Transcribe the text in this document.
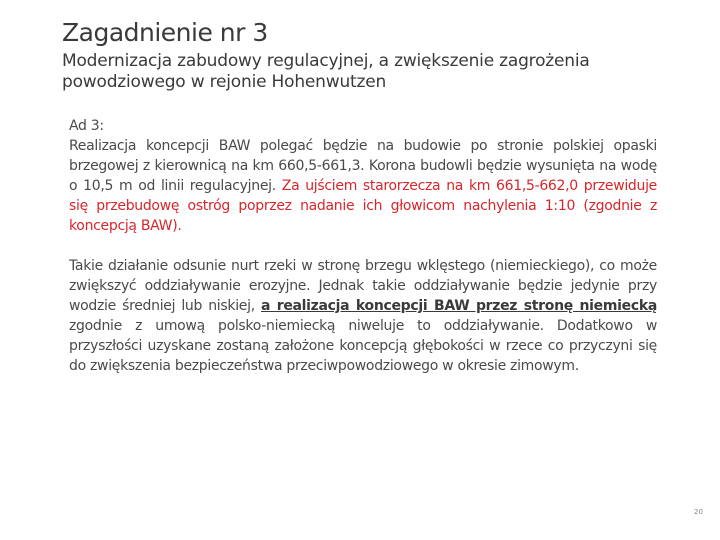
Zagadnienie nr 3
Modernizacja zabudowy regulacyjnej, a zwiększenie zagrożenia powodziowego w rejonie Hohenwutzen

Ad 3:
Realizacja koncepcji BAW polegać będzie na budowie po stronie polskiej opaski brzegowej z kierownicą na km 660,5-661,3. Korona budowli będzie wysunięta na wodę o 10,5 m od linii regulacyjnej. Za ujściem starorzecza na km 661,5-662,0 przewiduje się przebudowę ostróg poprzez nadanie ich głowicom nachylenia 1:10 (zgodnie z koncepcją BAW).

Takie działanie odsunie nurt rzeki w stronę brzegu wklęstego (niemieckiego), co może zwiększyć oddziaływanie erozyjne. Jednak takie oddziaływanie będzie jedynie przy wodzie średniej lub niskiej, a realizacja koncepcji BAW przez stronę niemiecką zgodnie z umową polsko-niemiecką niweluje to oddziaływanie. Dodatkowo w przyszłości uzyskane zostaną założone koncepcją głębokości w rzece co przyczyni się do zwiększenia bezpieczeństwa przeciwpowodziowego w okresie zimowym.

20
